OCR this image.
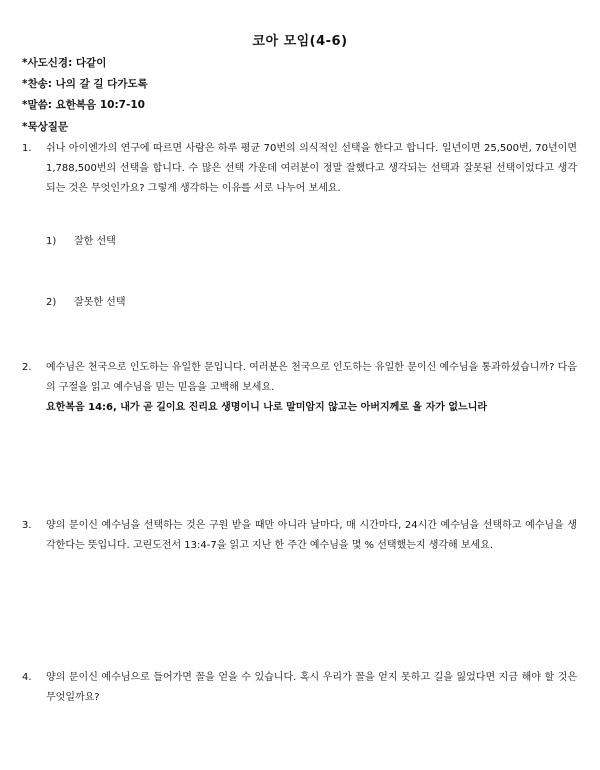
코아 모임(4-6)
*사도신경: 다같이
*찬송: 나의 갈 길 다가도록
*말씀: 요한복음 10:7-10
*묵상질문
1. 쉬나 아이엔가의 연구에 따르면 사람은 하루 평균 70번의 의식적인 선택을 한다고 합니다. 일년이면 25,500번, 70년이면 1,788,500번의 선택을 합니다. 수 많은 선택 가운데 여러분이 정말 잘했다고 생각되는 선택과 잘못된 선택이었다고 생각되는 것은 무엇인가요? 그렇게 생각하는 이유를 서로 나누어 보세요.
1) 잘한 선택
2) 잘못한 선택
2. 예수님은 천국으로 인도하는 유일한 문입니다. 여러분은 천국으로 인도하는 유일한 문이신 예수님을 통과하셨습니까? 다음의 구절을 읽고 예수님을 믿는 믿음을 고백해 보세요.
요한복음 14:6, 내가 곧 길이요 진리요 생명이니 나로 말미암지 않고는 아버지께로 올 자가 없느니라
3. 양의 문이신 예수님을 선택하는 것은 구원 받을 때만 아니라 날마다, 매 시간마다, 24시간 예수님을 선택하고 예수님을 생각한다는 뜻입니다. 고린도전서 13:4-7을 읽고 지난 한 주간 예수님을 몇 % 선택했는지 생각해 보세요.
4. 양의 문이신 예수님으로 들어가면 꼴을 얻을 수 있습니다. 혹시 우리가 꼴을 얻지 못하고 길을 잃었다면 지금 해야 할 것은 무엇일까요?
